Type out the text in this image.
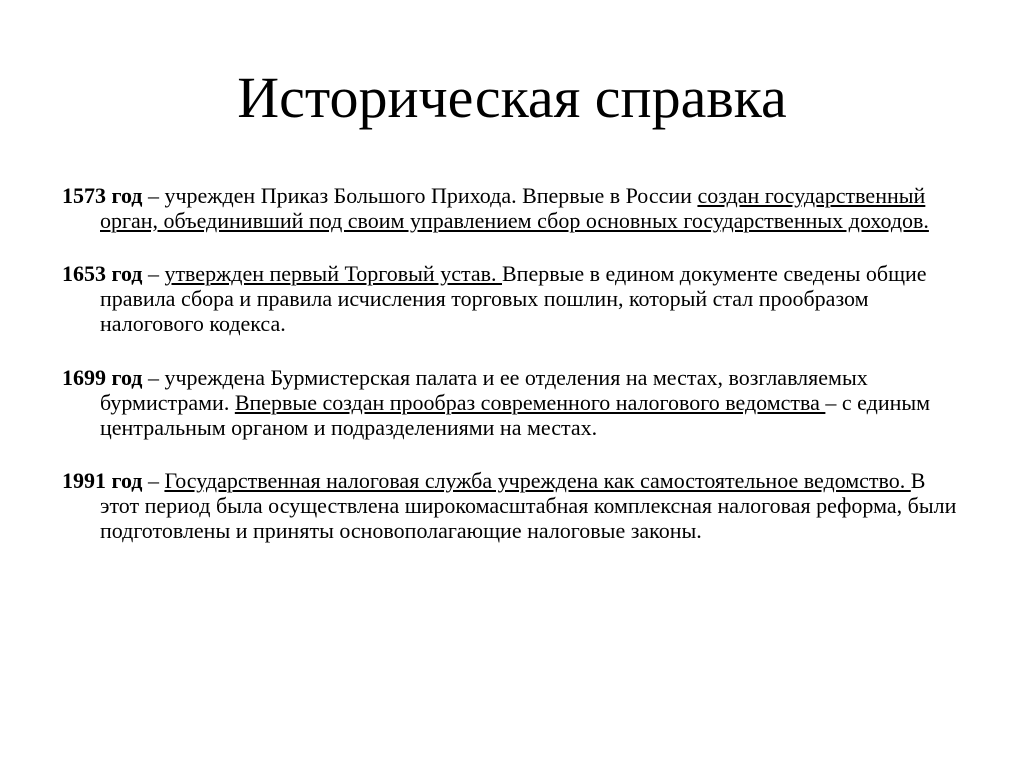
Историческая справка

1573 год – учрежден Приказ Большого Прихода. Впервые в России создан государственный орган, объединивший под своим управлением сбор основных государственных доходов.

1653 год – утвержден первый Торговый устав. Впервые в едином документе сведены общие правила сбора и правила исчисления торговых пошлин, который стал прообразом налогового кодекса.

1699 год – учреждена Бурмистерская палата и ее отделения на местах, возглавляемых бурмистрами. Впервые создан прообраз современного налогового ведомства – с единым центральным органом и подразделениями на местах.

1991 год – Государственная налоговая служба учреждена как самостоятельное ведомство. В этот период была осуществлена широкомасштабная комплексная налоговая реформа, были подготовлены и приняты основополагающие налоговые законы.
